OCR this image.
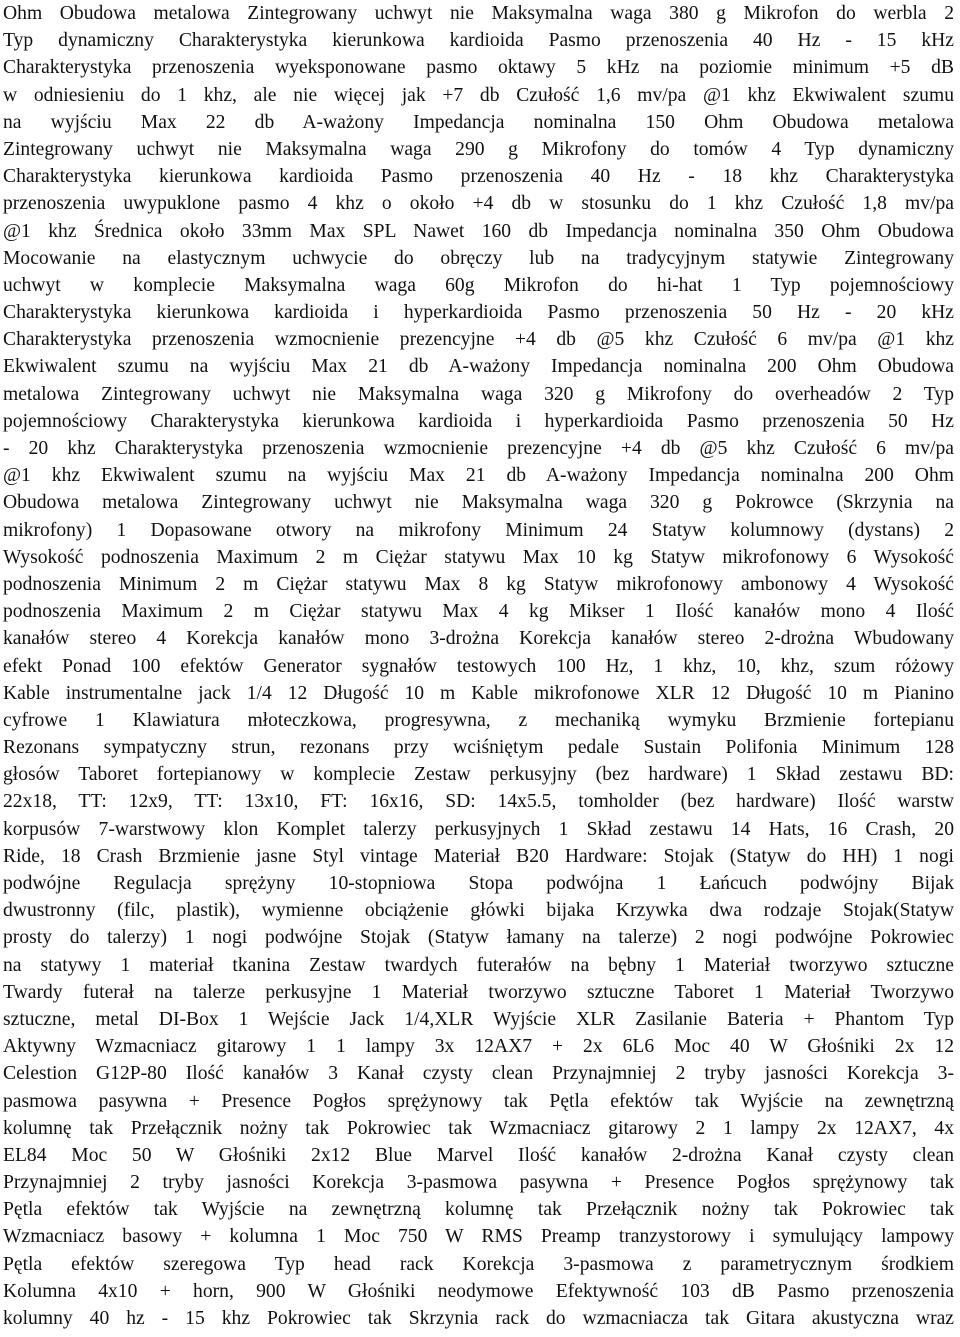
Ohm Obudowa metalowa Zintegrowany uchwyt nie Maksymalna waga 380 g Mikrofon do werbla 2
Typ dynamiczny Charakterystyka kierunkowa kardioida Pasmo przenoszenia 40 Hz - 15 kHz
Charakterystyka przenoszenia wyeksponowane pasmo oktawy 5 kHz na poziomie minimum +5 dB
w odniesieniu do 1 khz, ale nie więcej jak +7 db Czułość 1,6 mv/pa @1 khz Ekwiwalent szumu
na wyjściu Max 22 db A-ważony Impedancja nominalna 150 Ohm Obudowa metalowa
Zintegrowany uchwyt nie Maksymalna waga 290 g Mikrofony do tomów 4 Typ dynamiczny
Charakterystyka kierunkowa kardioida Pasmo przenoszenia 40 Hz - 18 khz Charakterystyka
przenoszenia uwypuklone pasmo 4 khz o około +4 db w stosunku do 1 khz Czułość 1,8 mv/pa
@1 khz Średnica około 33mm Max SPL Nawet 160 db Impedancja nominalna 350 Ohm Obudowa
Mocowanie na elastycznym uchwycie do obręczy lub na tradycyjnym statywie Zintegrowany
uchwyt w komplecie Maksymalna waga 60g Mikrofon do hi-hat 1 Typ pojemnościowy
Charakterystyka kierunkowa kardioida i hyperkardioida Pasmo przenoszenia 50 Hz - 20 kHz
Charakterystyka przenoszenia wzmocnienie prezencyjne +4 db @5 khz Czułość 6 mv/pa @1 khz
Ekwiwalent szumu na wyjściu Max 21 db A-ważony Impedancja nominalna 200 Ohm Obudowa
metalowa Zintegrowany uchwyt nie Maksymalna waga 320 g Mikrofony do overheadów 2 Typ
pojemnościowy Charakterystyka kierunkowa kardioida i hyperkardioida Pasmo przenoszenia 50 Hz
- 20 khz Charakterystyka przenoszenia wzmocnienie prezencyjne +4 db @5 khz Czułość 6 mv/pa
@1 khz Ekwiwalent szumu na wyjściu Max 21 db A-ważony Impedancja nominalna 200 Ohm
Obudowa metalowa Zintegrowany uchwyt nie Maksymalna waga 320 g Pokrowce (Skrzynia na
mikrofony) 1 Dopasowane otwory na mikrofony Minimum 24 Statyw kolumnowy (dystans) 2
Wysokość podnoszenia Maximum 2 m Ciężar statywu Max 10 kg Statyw mikrofonowy 6 Wysokość
podnoszenia Minimum 2 m Ciężar statywu Max 8 kg Statyw mikrofonowy ambonowy 4 Wysokość
podnoszenia Maximum 2 m Ciężar statywu Max 4 kg Mikser 1 Ilość kanałów mono 4 Ilość
kanałów stereo 4 Korekcja kanałów mono 3-drożna Korekcja kanałów stereo 2-drożna Wbudowany
efekt Ponad 100 efektów Generator sygnałów testowych 100 Hz, 1 khz, 10, khz, szum różowy
Kable instrumentalne jack 1/4 12 Długość 10 m Kable mikrofonowe XLR 12 Długość 10 m Pianino
cyfrowe 1 Klawiatura młoteczkowa, progresywna, z mechaniką wymyku Brzmienie fortepianu
Rezonans sympatyczny strun, rezonans przy wciśniętym pedale Sustain Polifonia Minimum 128
głosów Taboret fortepianowy w komplecie Zestaw perkusyjny (bez hardware) 1 Skład zestawu BD:
22x18, TT: 12x9, TT: 13x10, FT: 16x16, SD: 14x5.5, tomholder (bez hardware) Ilość warstw
korpusów 7-warstwowy klon Komplet talerzy perkusyjnych 1 Skład zestawu 14 Hats, 16 Crash, 20
Ride, 18 Crash Brzmienie jasne Styl vintage Materiał B20 Hardware: Stojak (Statyw do HH) 1 nogi
podwójne Regulacja sprężyny 10-stopniowa Stopa podwójna 1 Łańcuch podwójny Bijak
dwustronny (filc, plastik), wymienne obciążenie główki bijaka Krzywka dwa rodzaje Stojak(Statyw
prosty do talerzy) 1 nogi podwójne Stojak (Statyw łamany na talerze) 2 nogi podwójne Pokrowiec
na statywy 1 materiał tkanina Zestaw twardych futerałów na bębny 1 Materiał tworzywo sztuczne
Twardy futerał na talerze perkusyjne 1 Materiał tworzywo sztuczne Taboret 1 Materiał Tworzywo
sztuczne, metal DI-Box 1 Wejście Jack 1/4,XLR Wyjście XLR Zasilanie Bateria + Phantom Typ
Aktywny Wzmacniacz gitarowy 1 1 lampy 3x 12AX7 + 2x 6L6 Moc 40 W Głośniki 2x 12
Celestion G12P-80 Ilość kanałów 3 Kanał czysty clean Przynajmniej 2 tryby jasności Korekcja 3-
pasmowa pasywna + Presence Pogłos sprężynowy tak Pętla efektów tak Wyjście na zewnętrzną
kolumnę tak Przełącznik nożny tak Pokrowiec tak Wzmacniacz gitarowy 2 1 lampy 2x 12AX7, 4x
EL84 Moc 50 W Głośniki 2x12 Blue Marvel Ilość kanałów 2-drożna Kanał czysty clean
Przynajmniej 2 tryby jasności Korekcja 3-pasmowa pasywna + Presence Pogłos sprężynowy tak
Pętla efektów tak Wyjście na zewnętrzną kolumnę tak Przełącznik nożny tak Pokrowiec tak
Wzmacniacz basowy + kolumna 1 Moc 750 W RMS Preamp tranzystorowy i symulujący lampowy
Pętla efektów szeregowa Typ head rack Korekcja 3-pasmowa z parametrycznym środkiem
Kolumna 4x10 + horn, 900 W Głośniki neodymowe Efektywność 103 dB Pasmo przenoszenia
kolumny 40 hz - 15 khz Pokrowiec tak Skrzynia rack do wzmacniacza tak Gitara akustyczna wraz
